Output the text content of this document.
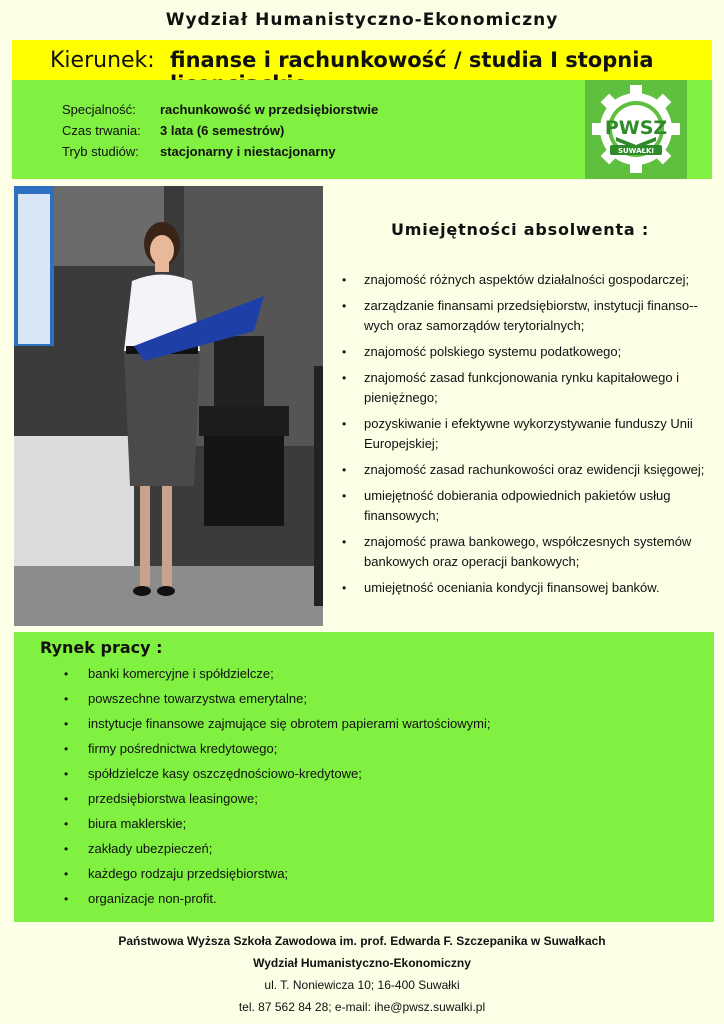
Wydział Humanistyczno-Ekonomiczny
Kierunek: finanse i rachunkowość / studia I stopnia
Specjalność: rachunkowość w przedsiębiorstwie
Czas trwania: 3 lata (6 semestrów)
Tryb studiów: stacjonarny i niestacjonarny
PWSZ
SUWAŁKI
Umiejętności absolwenta :
• znajomość różnych aspektów działalności gospodarczej;
• zarządzanie finansami przedsiębiorstw, instytucji finanso-wych oraz samorządów terytorialnych;
• znajomość polskiego systemu podatkowego;
• znajomość zasad funkcjonowania rynku kapitałowego i pieniężnego;
• pozyskiwanie i efektywne wykorzystywanie funduszy Unii Europejskiej;
• znajomość zasad rachunkowości oraz ewidencji księgowej;
• umiejętność dobierania odpowiednich pakietów usług finansowych;
• znajomość prawa bankowego, współczesnych systemów bankowych oraz operacji bankowych;
• umiejętność oceniania kondycji finansowej banków.
Rynek pracy :
• banki komercyjne i spółdzielcze;
• powszechne towarzystwa emerytalne;
• instytucje finansowe zajmujące się obrotem papierami wartościowymi;
• firmy pośrednictwa kredytowego;
• spółdzielcze kasy oszczędnościowo-kredytowe;
• przedsiębiorstwa leasingowe;
• biura maklerskie;
• zakłady ubezpieczeń;
• każdego rodzaju przedsiębiorstwa;
• organizacje non-profit.
Państwowa Wyższa Szkoła Zawodowa im. prof. Edwarda F. Szczepanika w Suwałkach
Wydział Humanistyczno-Ekonomiczny
ul. T. Noniewicza 10; 16-400 Suwałki
tel. 87 562 84 28; e-mail: ihe@pwsz.suwalki.pl
